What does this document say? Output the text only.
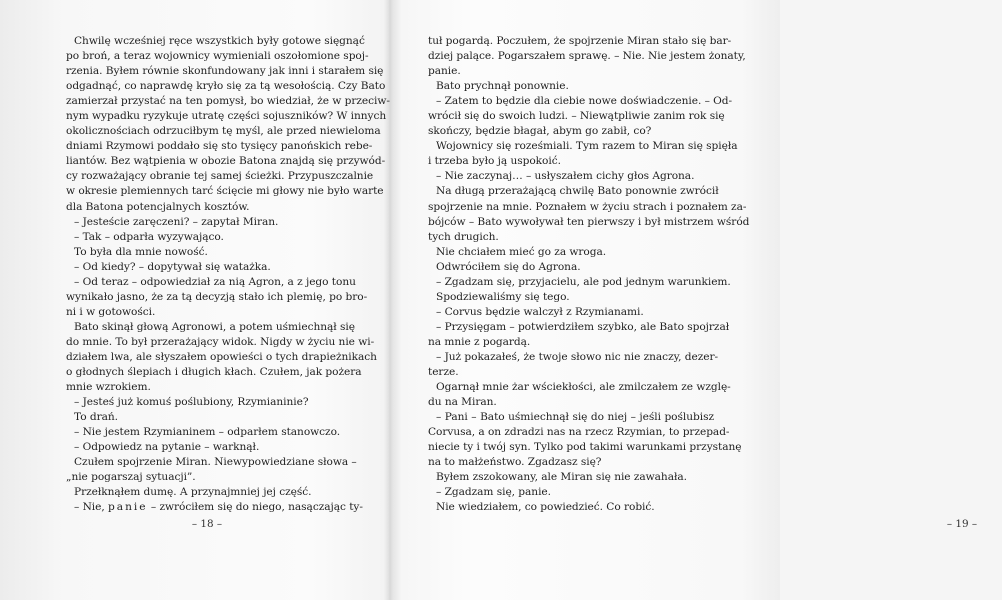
Chwilę wcześniej ręce wszystkich były gotowe sięgnąć
po broń, a teraz wojownicy wymieniali oszołomione spoj-
rzenia. Byłem równie skonfundowany jak inni i starałem się
odgadnąć, co naprawdę kryło się za tą wesołością. Czy Bato
zamierzał przystać na ten pomysł, bo wiedział, że w przeciw-
nym wypadku ryzykuje utratę części sojuszników? W innych
okolicznościach odrzuciłbym tę myśl, ale przed niewieloma
dniami Rzymowi poddało się sto tysięcy panońskich rebe-
liantów. Bez wątpienia w obozie Batona znajdą się przywód-
cy rozważający obranie tej samej ścieżki. Przypuszczalnie
w okresie plemiennych tarć ścięcie mi głowy nie było warte
dla Batona potencjalnych kosztów.
– Jesteście zaręczeni? – zapytał Miran.
– Tak – odparła wyzywająco.
To była dla mnie nowość.
– Od kiedy? – dopytywał się watażka.
– Od teraz – odpowiedział za nią Agron, a z jego tonu
wynikało jasno, że za tą decyzją stało ich plemię, po bro-
ni i w gotowości.
Bato skinął głową Agronowi, a potem uśmiechnął się
do mnie. To był przerażający widok. Nigdy w życiu nie wi-
działem lwa, ale słyszałem opowieści o tych drapieżnikach
o głodnych ślepiach i długich kłach. Czułem, jak pożera
mnie wzrokiem.
– Jesteś już komuś poślubiony, Rzymianinie?
To drań.
– Nie jestem Rzymianinem – odparłem stanowczo.
– Odpowiedz na pytanie – warknął.
Czułem spojrzenie Miran. Niewypowiedziane słowa –
„nie pogarszaj sytuacji”.
Przełknąłem dumę. A przynajmniej jej część.
– Nie, panie – zwróciłem się do niego, nasączając ty-
– 18 –	– 19 –
tuł pogardą. Poczułem, że spojrzenie Miran stało się bar-
dziej palące. Pogarszałem sprawę. – Nie. Nie jestem żonaty,
panie.
Bato prychnął ponownie.
– Zatem to będzie dla ciebie nowe doświadczenie. – Od-
wrócił się do swoich ludzi. – Niewątpliwie zanim rok się
skończy, będzie błagał, abym go zabił, co?
Wojownicy się roześmiali. Tym razem to Miran się spięła
i trzeba było ją uspokoić.
– Nie zaczynaj… – usłyszałem cichy głos Agrona.
Na długą przerażającą chwilę Bato ponownie zwrócił
spojrzenie na mnie. Poznałem w życiu strach i poznałem za-
bójców – Bato wywoływał ten pierwszy i był mistrzem wśród
tych drugich.
Nie chciałem mieć go za wroga.
Odwróciłem się do Agrona.
– Zgadzam się, przyjacielu, ale pod jednym warunkiem.
Spodziewaliśmy się tego.
– Corvus będzie walczył z Rzymianami.
– Przysięgam – potwierdziłem szybko, ale Bato spojrzał
na mnie z pogardą.
– Już pokazałeś, że twoje słowo nic nie znaczy, dezer-
terze.
Ogarnął mnie żar wściekłości, ale zmilczałem ze wzglę-
du na Miran.
– Pani – Bato uśmiechnął się do niej – jeśli poślubisz
Corvusa, a on zdradzi nas na rzecz Rzymian, to przepad-
niecie ty i twój syn. Tylko pod takimi warunkami przystanę
na to małżeństwo. Zgadzasz się?
Byłem zszokowany, ale Miran się nie zawahała.
– Zgadzam się, panie.
Nie wiedziałem, co powiedzieć. Co robić.
